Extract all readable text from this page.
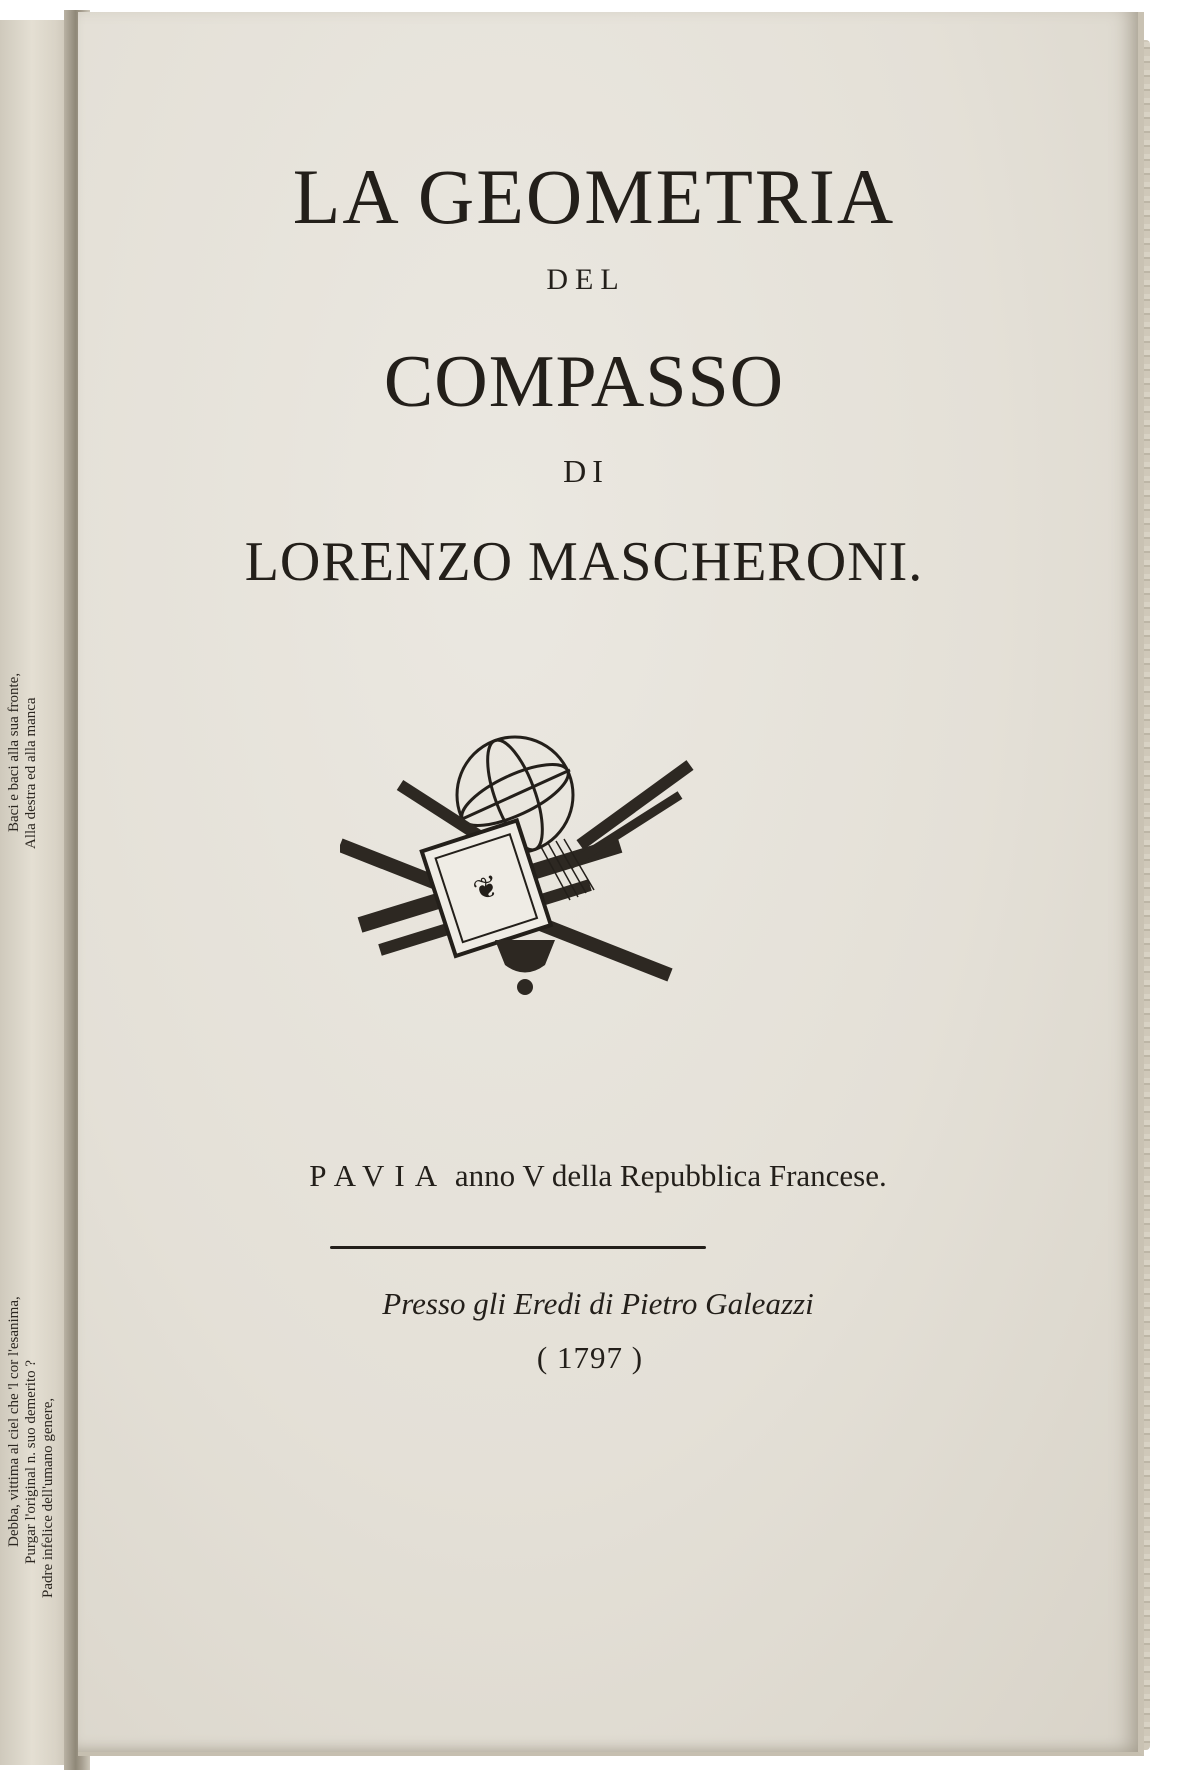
Baci e baci alla sua fronte,

Alla destra ed alla manca

Debba, vittima al ciel che 'l cor l'esanima,

Purgar l'original n. suo demerito ?

Padre infelice dell'umano genere,

LA GEOMETRIA
DEL
COMPASSO
DI
LORENZO MASCHERONI.
❦
PAVIA anno V della Repubblica Francese.
Presso gli Eredi di Pietro Galeazzi
( 1797 )
